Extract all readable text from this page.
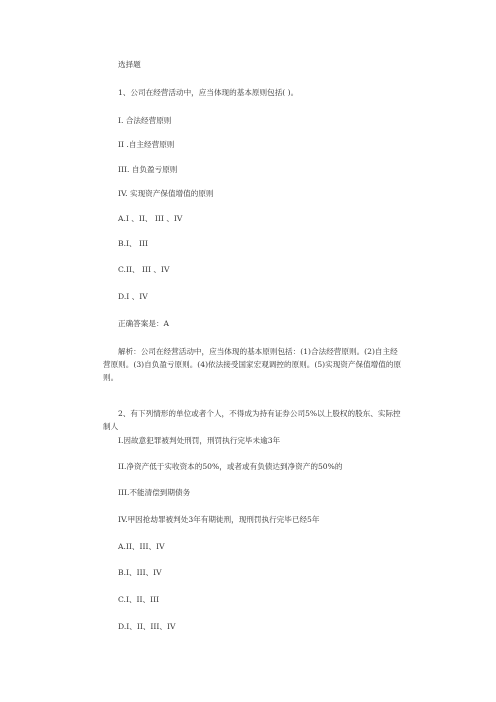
选择题
1、公司在经营活动中，应当体现的基本原则包括( )。
I. 合法经营原则
II .自主经营原则
III. 自负盈亏原则
IV. 实现资产保值增值的原则
A.I 、II、 III 、IV
B.I、 III
C.II、 III 、IV
D.I 、IV
正确答案是：A
解析：公司在经营活动中，应当体现的基本原则包括：(1)合法经营原则。(2)自主经营原则。(3)自负盈亏原则。(4)依法接受国家宏观调控的原则。(5)实现资产保值增值的原则。
2、有下列情形的单位或者个人，不得成为持有证券公司5%以上股权的股东、实际控制人
I.因故意犯罪被判处刑罚，刑罚执行完毕未逾3年
II.净资产低于实收资本的50%，或者或有负债达到净资产的50%的
III.不能清偿到期债务
IV.甲因抢劫罪被判处3年有期徒刑，现刑罚执行完毕已经5年
A.II、III、IV
B.I、III、IV
C.I、II、III
D.I、II、III、IV
